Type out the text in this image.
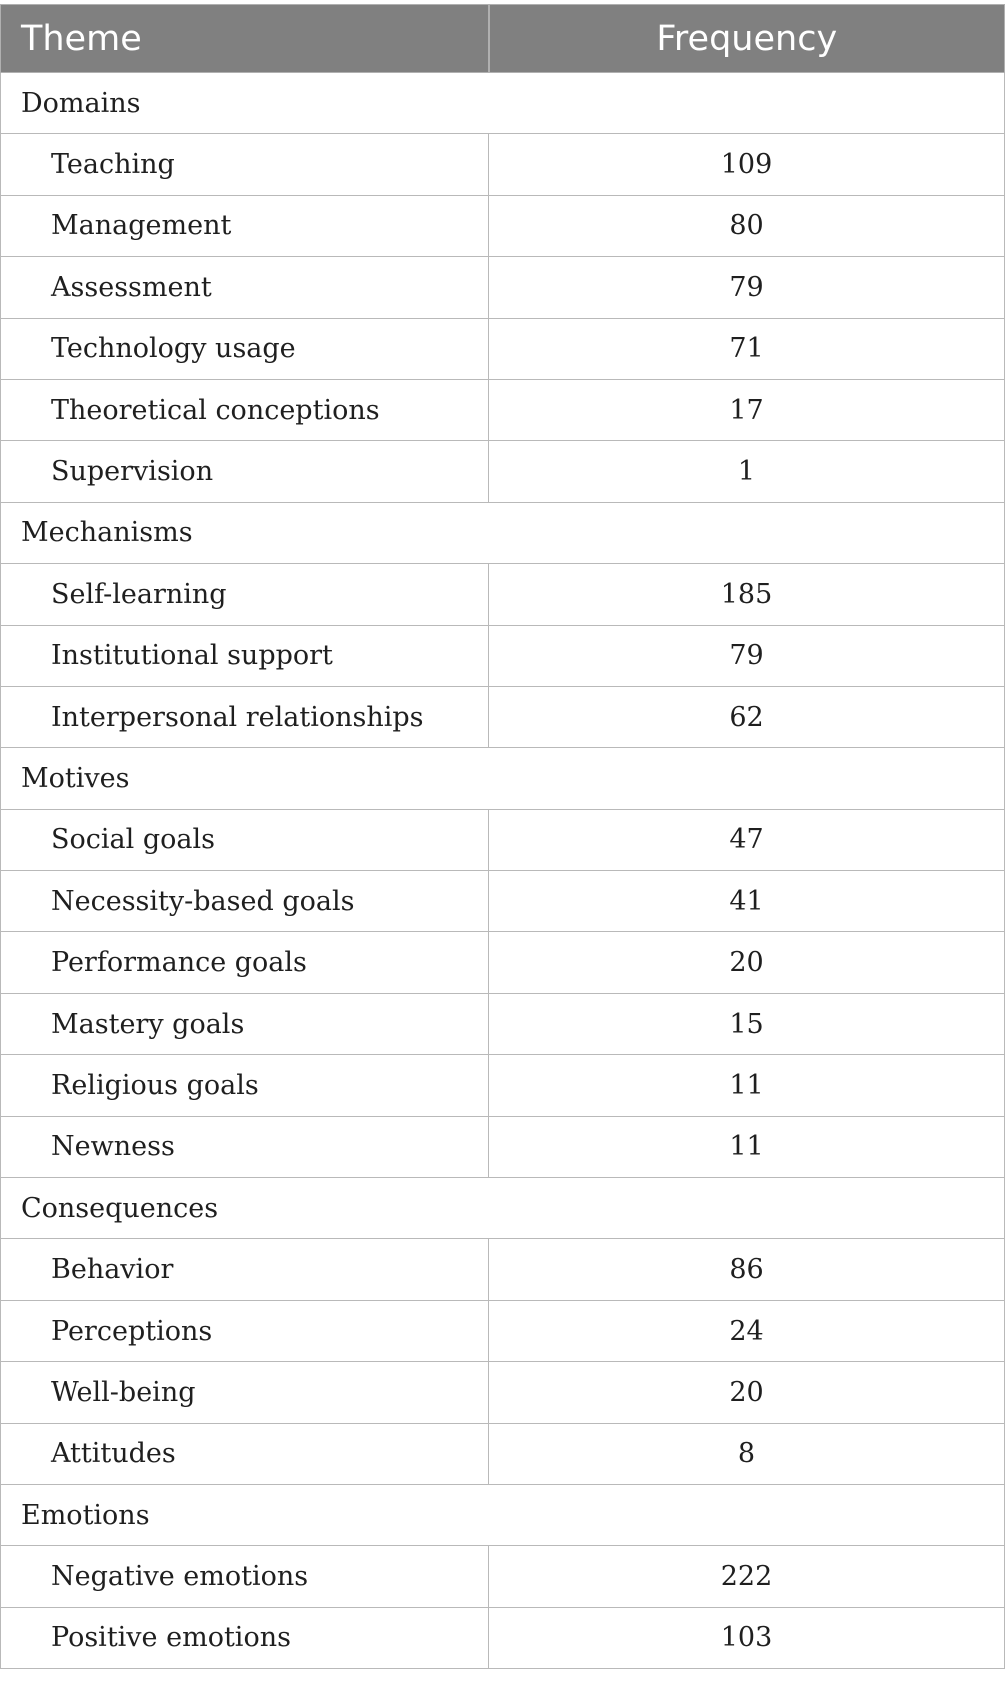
Theme	Frequency
Domains	
Teaching	109
Management	80
Assessment	79
Technology usage	71
Theoretical conceptions	17
Supervision	1
Mechanisms	
Self-learning	185
Institutional support	79
Interpersonal relationships	62
Motives	
Social goals	47
Necessity-based goals	41
Performance goals	20
Mastery goals	15
Religious goals	11
Newness	11
Consequences	
Behavior	86
Perceptions	24
Well-being	20
Attitudes	8
Emotions	
Negative emotions	222
Positive emotions	103
